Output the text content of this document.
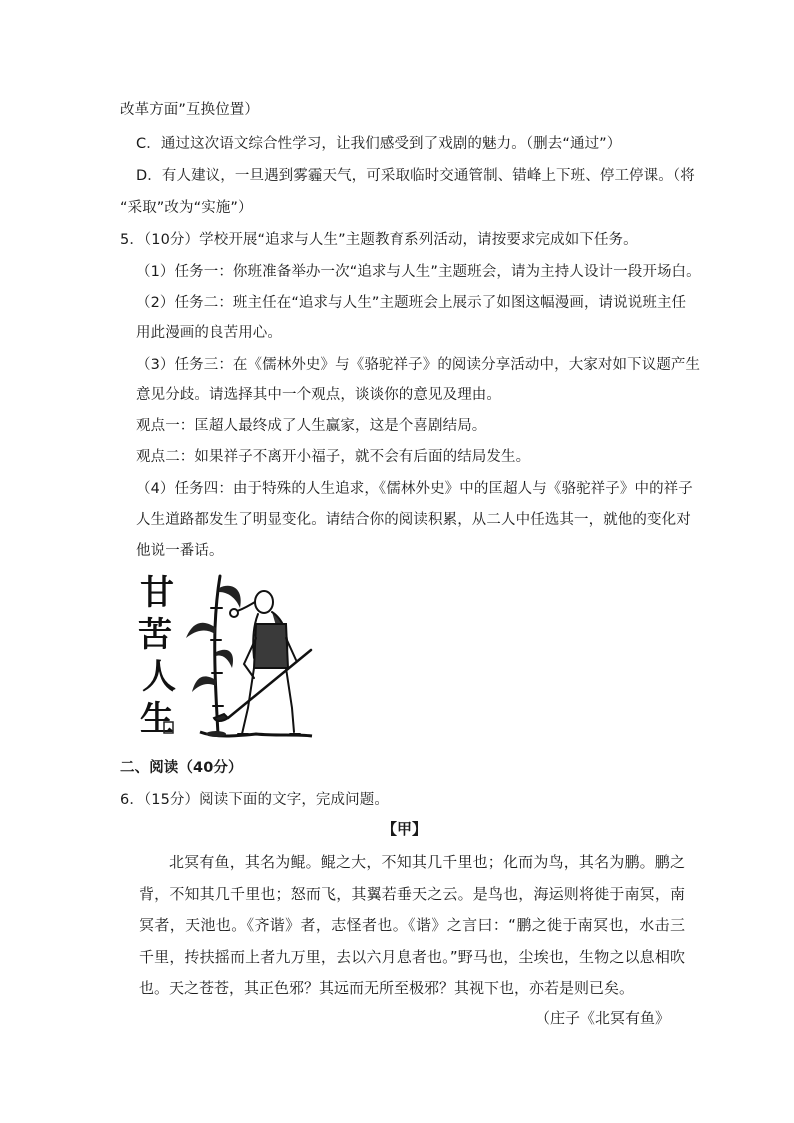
改革方面”互换位置）
C．通过这次语文综合性学习，让我们感受到了戏剧的魅力。（删去“通过”）
D．有人建议，一旦遇到雾霾天气，可采取临时交通管制、错峰上下班、停工停课。（将
“采取”改为“实施”）
5．（10分）学校开展“追求与人生”主题教育系列活动，请按要求完成如下任务。
（1）任务一：你班准备举办一次“追求与人生”主题班会，请为主持人设计一段开场白。
（2）任务二：班主任在“追求与人生”主题班会上展示了如图这幅漫画，请说说班主任
用此漫画的良苦用心。
（3）任务三：在《儒林外史》与《骆驼祥子》的阅读分享活动中，大家对如下议题产生
意见分歧。请选择其中一个观点，谈谈你的意见及理由。
观点一：匡超人最终成了人生赢家，这是个喜剧结局。
观点二：如果祥子不离开小福子，就不会有后面的结局发生。
（4）任务四：由于特殊的人生追求，《儒林外史》中的匡超人与《骆驼祥子》中的祥子
人生道路都发生了明显变化。请结合你的阅读积累，从二人中任选其一，就他的变化对
他说一番话。
甘
苦
人
生
二、阅读（40分）
6．（15分）阅读下面的文字，完成问题。
【甲】

北冥有鱼，其名为鲲。鲲之大，不知其几千里也；化而为鸟，其名为鹏。鹏之背，不知其几千里也；怒而飞，其翼若垂天之云。是鸟也，海运则将徙于南冥，南冥者，天池也。《齐谐》者，志怪者也。《谐》之言曰：“鹏之徙于南冥也，水击三千里，抟扶摇而上者九万里，去以六月息者也。”野马也，尘埃也，生物之以息相吹也。天之苍苍，其正色邪？其远而无所至极邪？其视下也，亦若是则已矣。

（庄子《北冥有鱼》
